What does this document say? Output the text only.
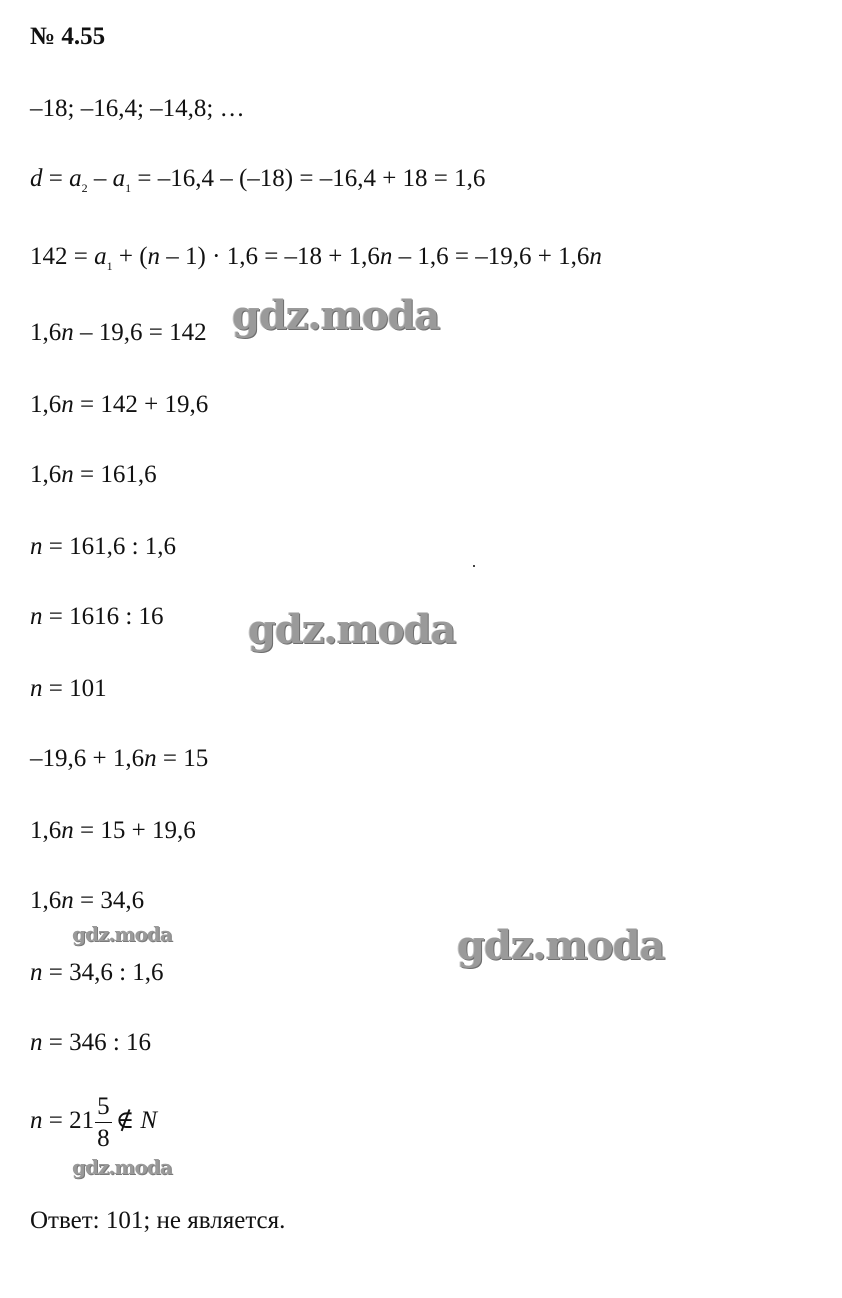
№ 4.55
–18; –16,4; –14,8; …
$d = a_2 - a_1 = -16,4 - (-18) = -16,4 + 18 = 1,6$
$142 = a_1 + (n - 1) \cdot 1,6 = -18 + 1,6n - 1,6 = -19,6 + 1,6n$
1,6n – 19,6 = 142
1,6n = 142 + 19,6
1,6n = 161,6
n = 161,6 : 1,6
n = 1616 : 16
n = 101
–19,6 + 1,6n = 15
1,6n = 15 + 19,6
1,6n = 34,6
n = 34,6 : 1,6
n = 346 : 16
$n = 21 \frac{5}{8}$ ∉ N
Ответ: 101; не является.
gdz.moda
gdz.moda
gdz.moda
gdz.moda
gdz.moda
